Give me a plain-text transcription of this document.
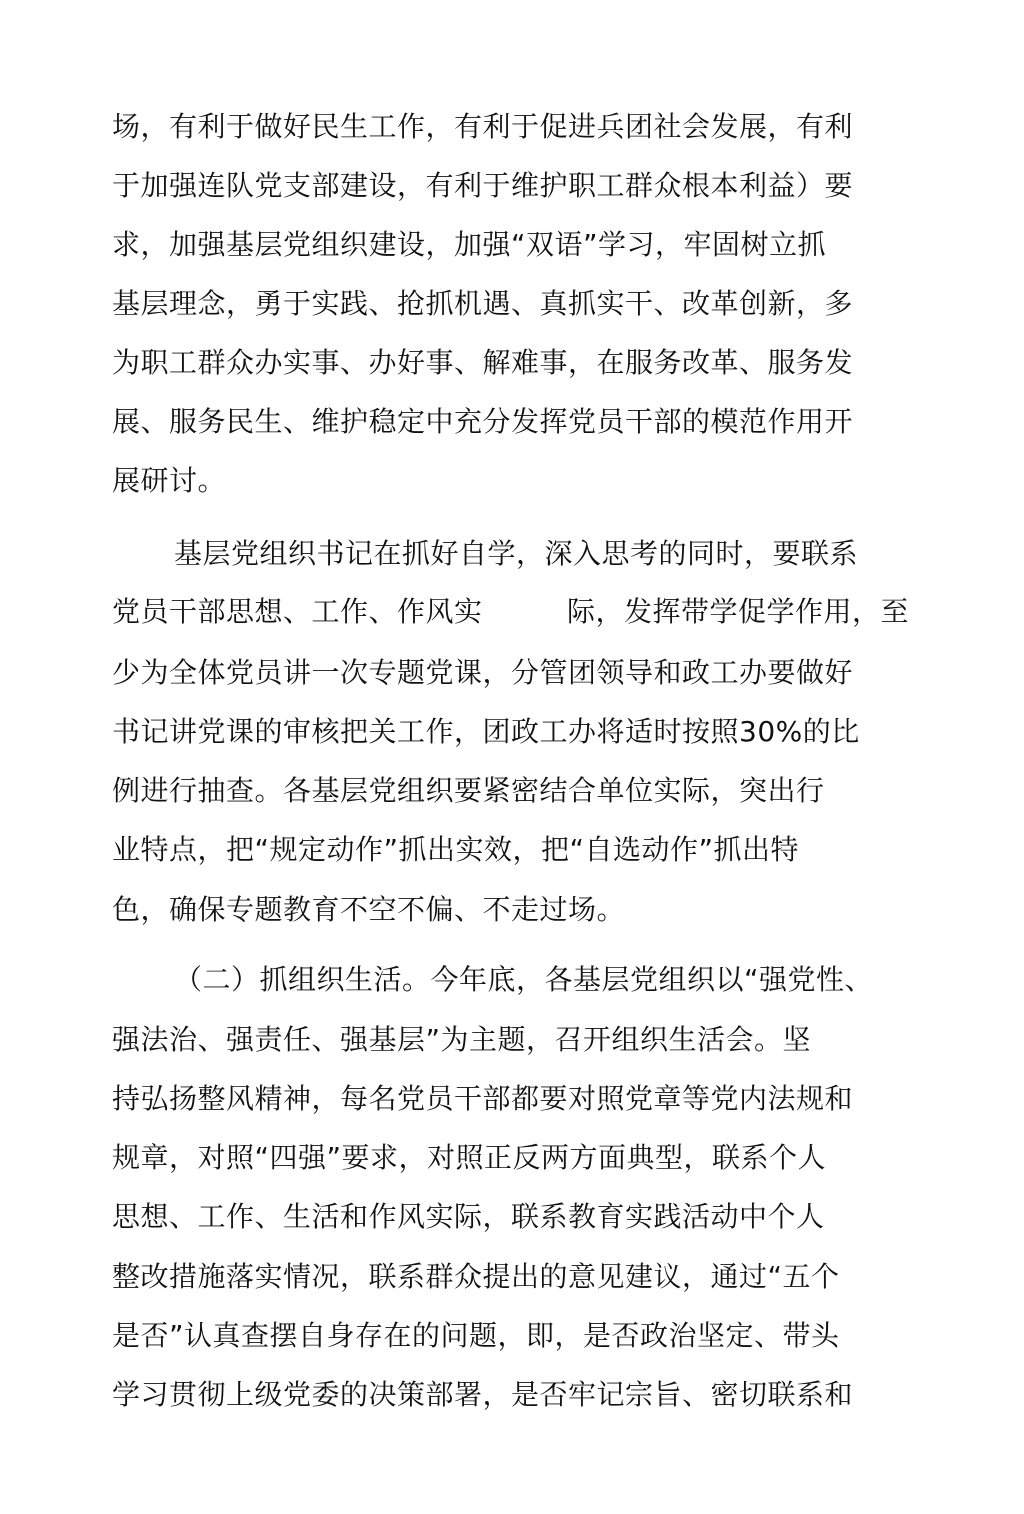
场，有利于做好民生工作，有利于促进兵团社会发展，有利
于加强连队党支部建设，有利于维护职工群众根本利益）要
求，加强基层党组织建设，加强“双语”学习，牢固树立抓
基层理念，勇于实践、抢抓机遇、真抓实干、改革创新，多
为职工群众办实事、办好事、解难事，在服务改革、服务发
展、服务民生、维护稳定中充分发挥党员干部的模范作用开
展研讨。
基层党组织书记在抓好自学，深入思考的同时，要联系
党员干部思想、工作、作风实	际，发挥带学促学作用，至
少为全体党员讲一次专题党课，分管团领导和政工办要做好
书记讲党课的审核把关工作，团政工办将适时按照30%的比
例进行抽查。各基层党组织要紧密结合单位实际，突出行
业特点，把“规定动作”抓出实效，把“自选动作”抓出特
色，确保专题教育不空不偏、不走过场。
（二）抓组织生活。今年底，各基层党组织以“强党性、
强法治、强责任、强基层”为主题，召开组织生活会。坚
持弘扬整风精神，每名党员干部都要对照党章等党内法规和
规章，对照“四强”要求，对照正反两方面典型，联系个人
思想、工作、生活和作风实际，联系教育实践活动中个人
整改措施落实情况，联系群众提出的意见建议，通过“五个
是否”认真查摆自身存在的问题，即，是否政治坚定、带头
学习贯彻上级党委的决策部署，是否牢记宗旨、密切联系和
